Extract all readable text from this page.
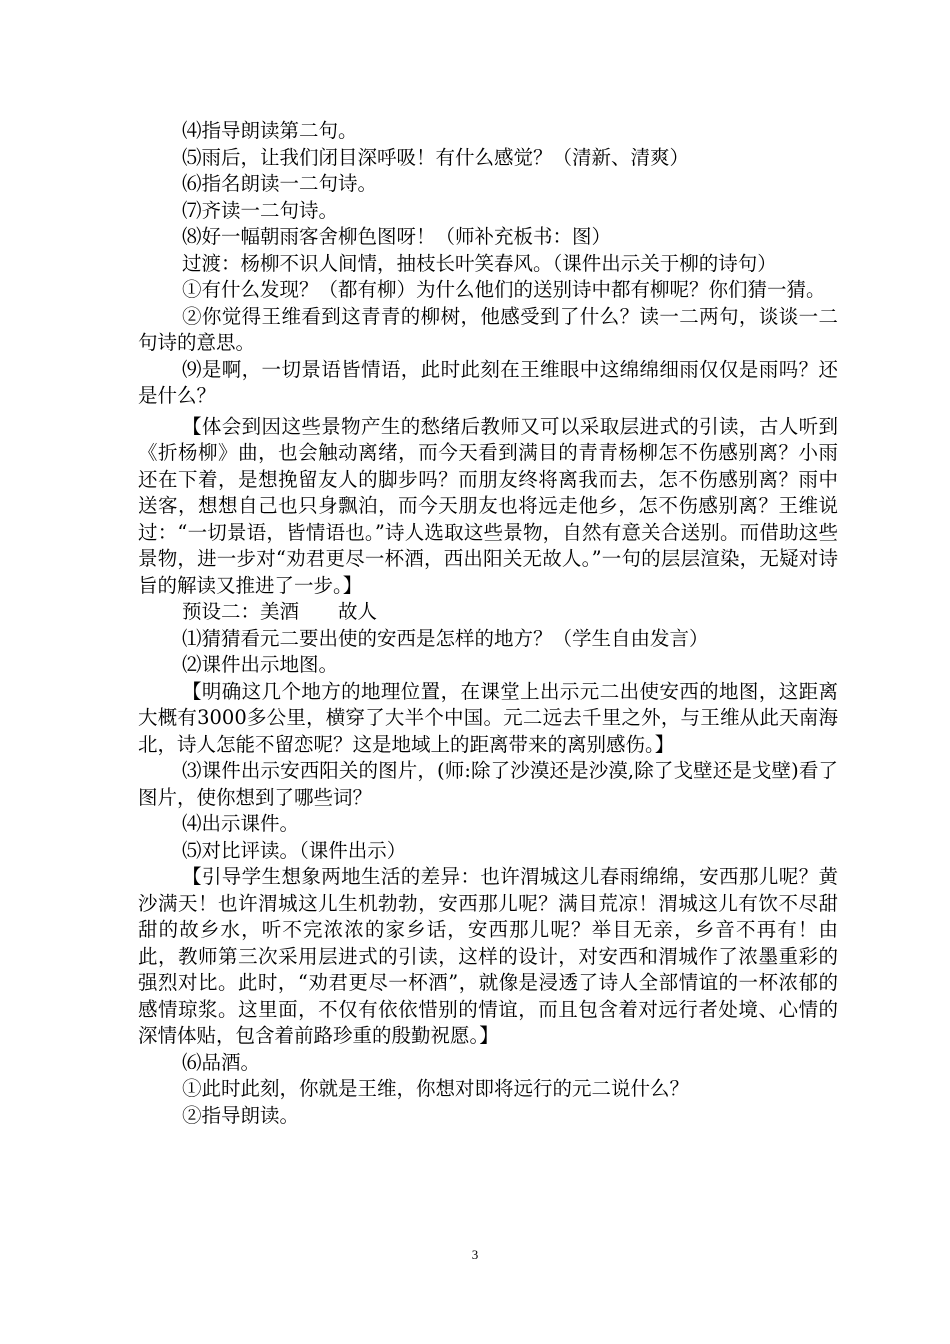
⑷指导朗读第二句。

⑸雨后，让我们闭目深呼吸！有什么感觉？（清新、清爽）

⑹指名朗读一二句诗。

⑺齐读一二句诗。

⑻好一幅朝雨客舍柳色图呀！（师补充板书：图）

过渡：杨柳不识人间情，抽枝长叶笑春风。（课件出示关于柳的诗句）

①有什么发现？（都有柳）为什么他们的送别诗中都有柳呢？你们猜一猜。

②你觉得王维看到这青青的柳树，他感受到了什么？读一二两句，谈谈一二句诗的意思。

⑼是啊，一切景语皆情语，此时此刻在王维眼中这绵绵细雨仅仅是雨吗？还是什么？

【体会到因这些景物产生的愁绪后教师又可以采取层进式的引读，古人听到《折杨柳》曲，也会触动离绪，而今天看到满目的青青杨柳怎不伤感别离？小雨还在下着，是想挽留友人的脚步吗？而朋友终将离我而去，怎不伤感别离？雨中送客，想想自己也只身飘泊，而今天朋友也将远走他乡，怎不伤感别离？王维说过：“一切景语，皆情语也。”诗人选取这些景物，自然有意关合送别。而借助这些景物，进一步对“劝君更尽一杯酒，西出阳关无故人。”一句的层层渲染，无疑对诗旨的解读又推进了一步。】

预设二：美酒　　故人

⑴猜猜看元二要出使的安西是怎样的地方？（学生自由发言）

⑵课件出示地图。

【明确这几个地方的地理位置，在课堂上出示元二出使安西的地图，这距离大概有3000多公里，横穿了大半个中国。元二远去千里之外，与王维从此天南海北，诗人怎能不留恋呢？这是地域上的距离带来的离别感伤。】

⑶课件出示安西阳关的图片，(师:除了沙漠还是沙漠,除了戈壁还是戈壁)看了图片，使你想到了哪些词？

⑷出示课件。

⑸对比评读。（课件出示）

【引导学生想象两地生活的差异：也许渭城这儿春雨绵绵，安西那儿呢？黄沙满天！也许渭城这儿生机勃勃，安西那儿呢？满目荒凉！渭城这儿有饮不尽甜甜的故乡水，听不完浓浓的家乡话，安西那儿呢？举目无亲，乡音不再有！由此，教师第三次采用层进式的引读，这样的设计，对安西和渭城作了浓墨重彩的强烈对比。此时，“劝君更尽一杯酒”，就像是浸透了诗人全部情谊的一杯浓郁的感情琼浆。这里面，不仅有依依惜别的情谊，而且包含着对远行者处境、心情的深情体贴，包含着前路珍重的殷勤祝愿。】

⑹品酒。

①此时此刻，你就是王维，你想对即将远行的元二说什么？

②指导朗读。

3
